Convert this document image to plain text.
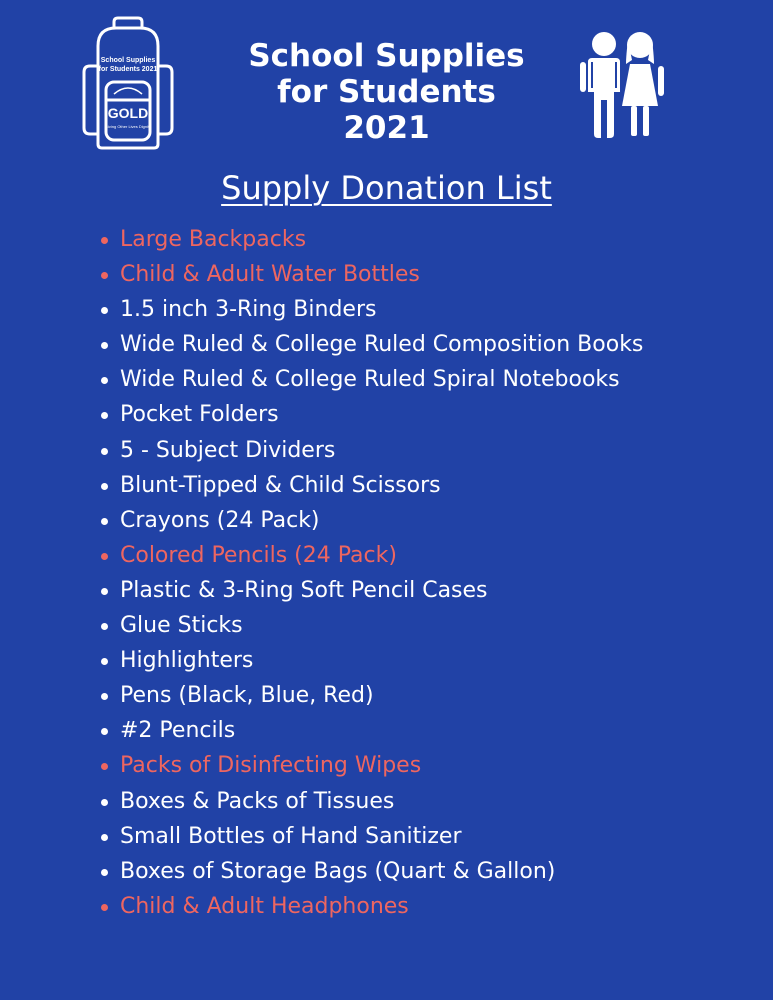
School Supplies
for Students 2021
GOLD
Giving Other Lives Dignity
School Supplies
for Students
2021
Supply Donation List
Large Backpacks
Child & Adult Water Bottles
1.5 inch 3-Ring Binders
Wide Ruled & College Ruled Composition Books
Wide Ruled & College Ruled Spiral Notebooks
Pocket Folders
5 - Subject Dividers
Blunt-Tipped & Child Scissors
Crayons (24 Pack)
Colored Pencils (24 Pack)
Plastic & 3-Ring Soft Pencil Cases
Glue Sticks
Highlighters
Pens (Black, Blue, Red)
#2 Pencils
Packs of Disinfecting Wipes
Boxes & Packs of Tissues
Small Bottles of Hand Sanitizer
Boxes of Storage Bags (Quart & Gallon)
Child & Adult Headphones
